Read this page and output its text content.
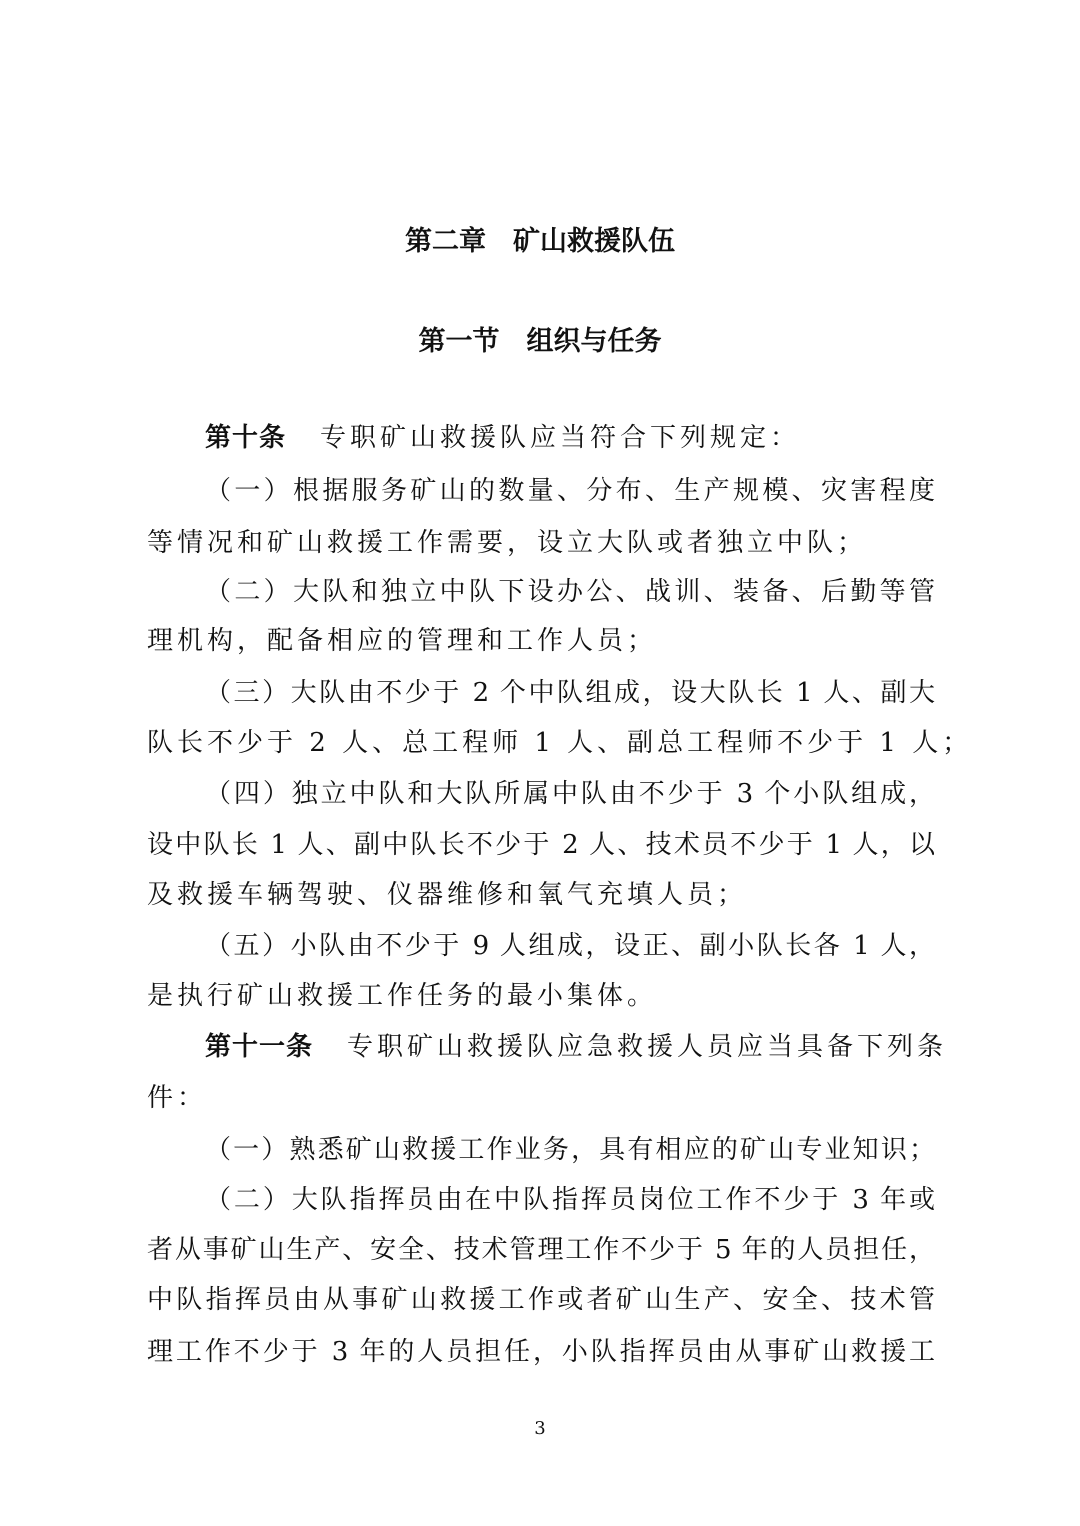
第二章　矿山救援队伍
第一节　组织与任务
第十条 专职矿山救援队应当符合下列规定：
（一）根据服务矿山的数量、分布、生产规模、灾害程度
等情况和矿山救援工作需要，设立大队或者独立中队；
（二）大队和独立中队下设办公、战训、装备、后勤等管
理机构，配备相应的管理和工作人员；
（三）大队由不少于 2 个中队组成，设大队长 1 人、副大
队长不少于 2 人、总工程师 1 人、副总工程师不少于 1 人；
（四）独立中队和大队所属中队由不少于 3 个小队组成，
设中队长 1 人、副中队长不少于 2 人、技术员不少于 1 人，以
及救援车辆驾驶、仪器维修和氧气充填人员；
（五）小队由不少于 9 人组成，设正、副小队长各 1 人，
是执行矿山救援工作任务的最小集体。
第十一条 专职矿山救援队应急救援人员应当具备下列条
件：
（一）熟悉矿山救援工作业务，具有相应的矿山专业知识；
（二）大队指挥员由在中队指挥员岗位工作不少于 3 年或
者从事矿山生产、安全、技术管理工作不少于 5 年的人员担任，
中队指挥员由从事矿山救援工作或者矿山生产、安全、技术管
理工作不少于 3 年的人员担任，小队指挥员由从事矿山救援工
3
